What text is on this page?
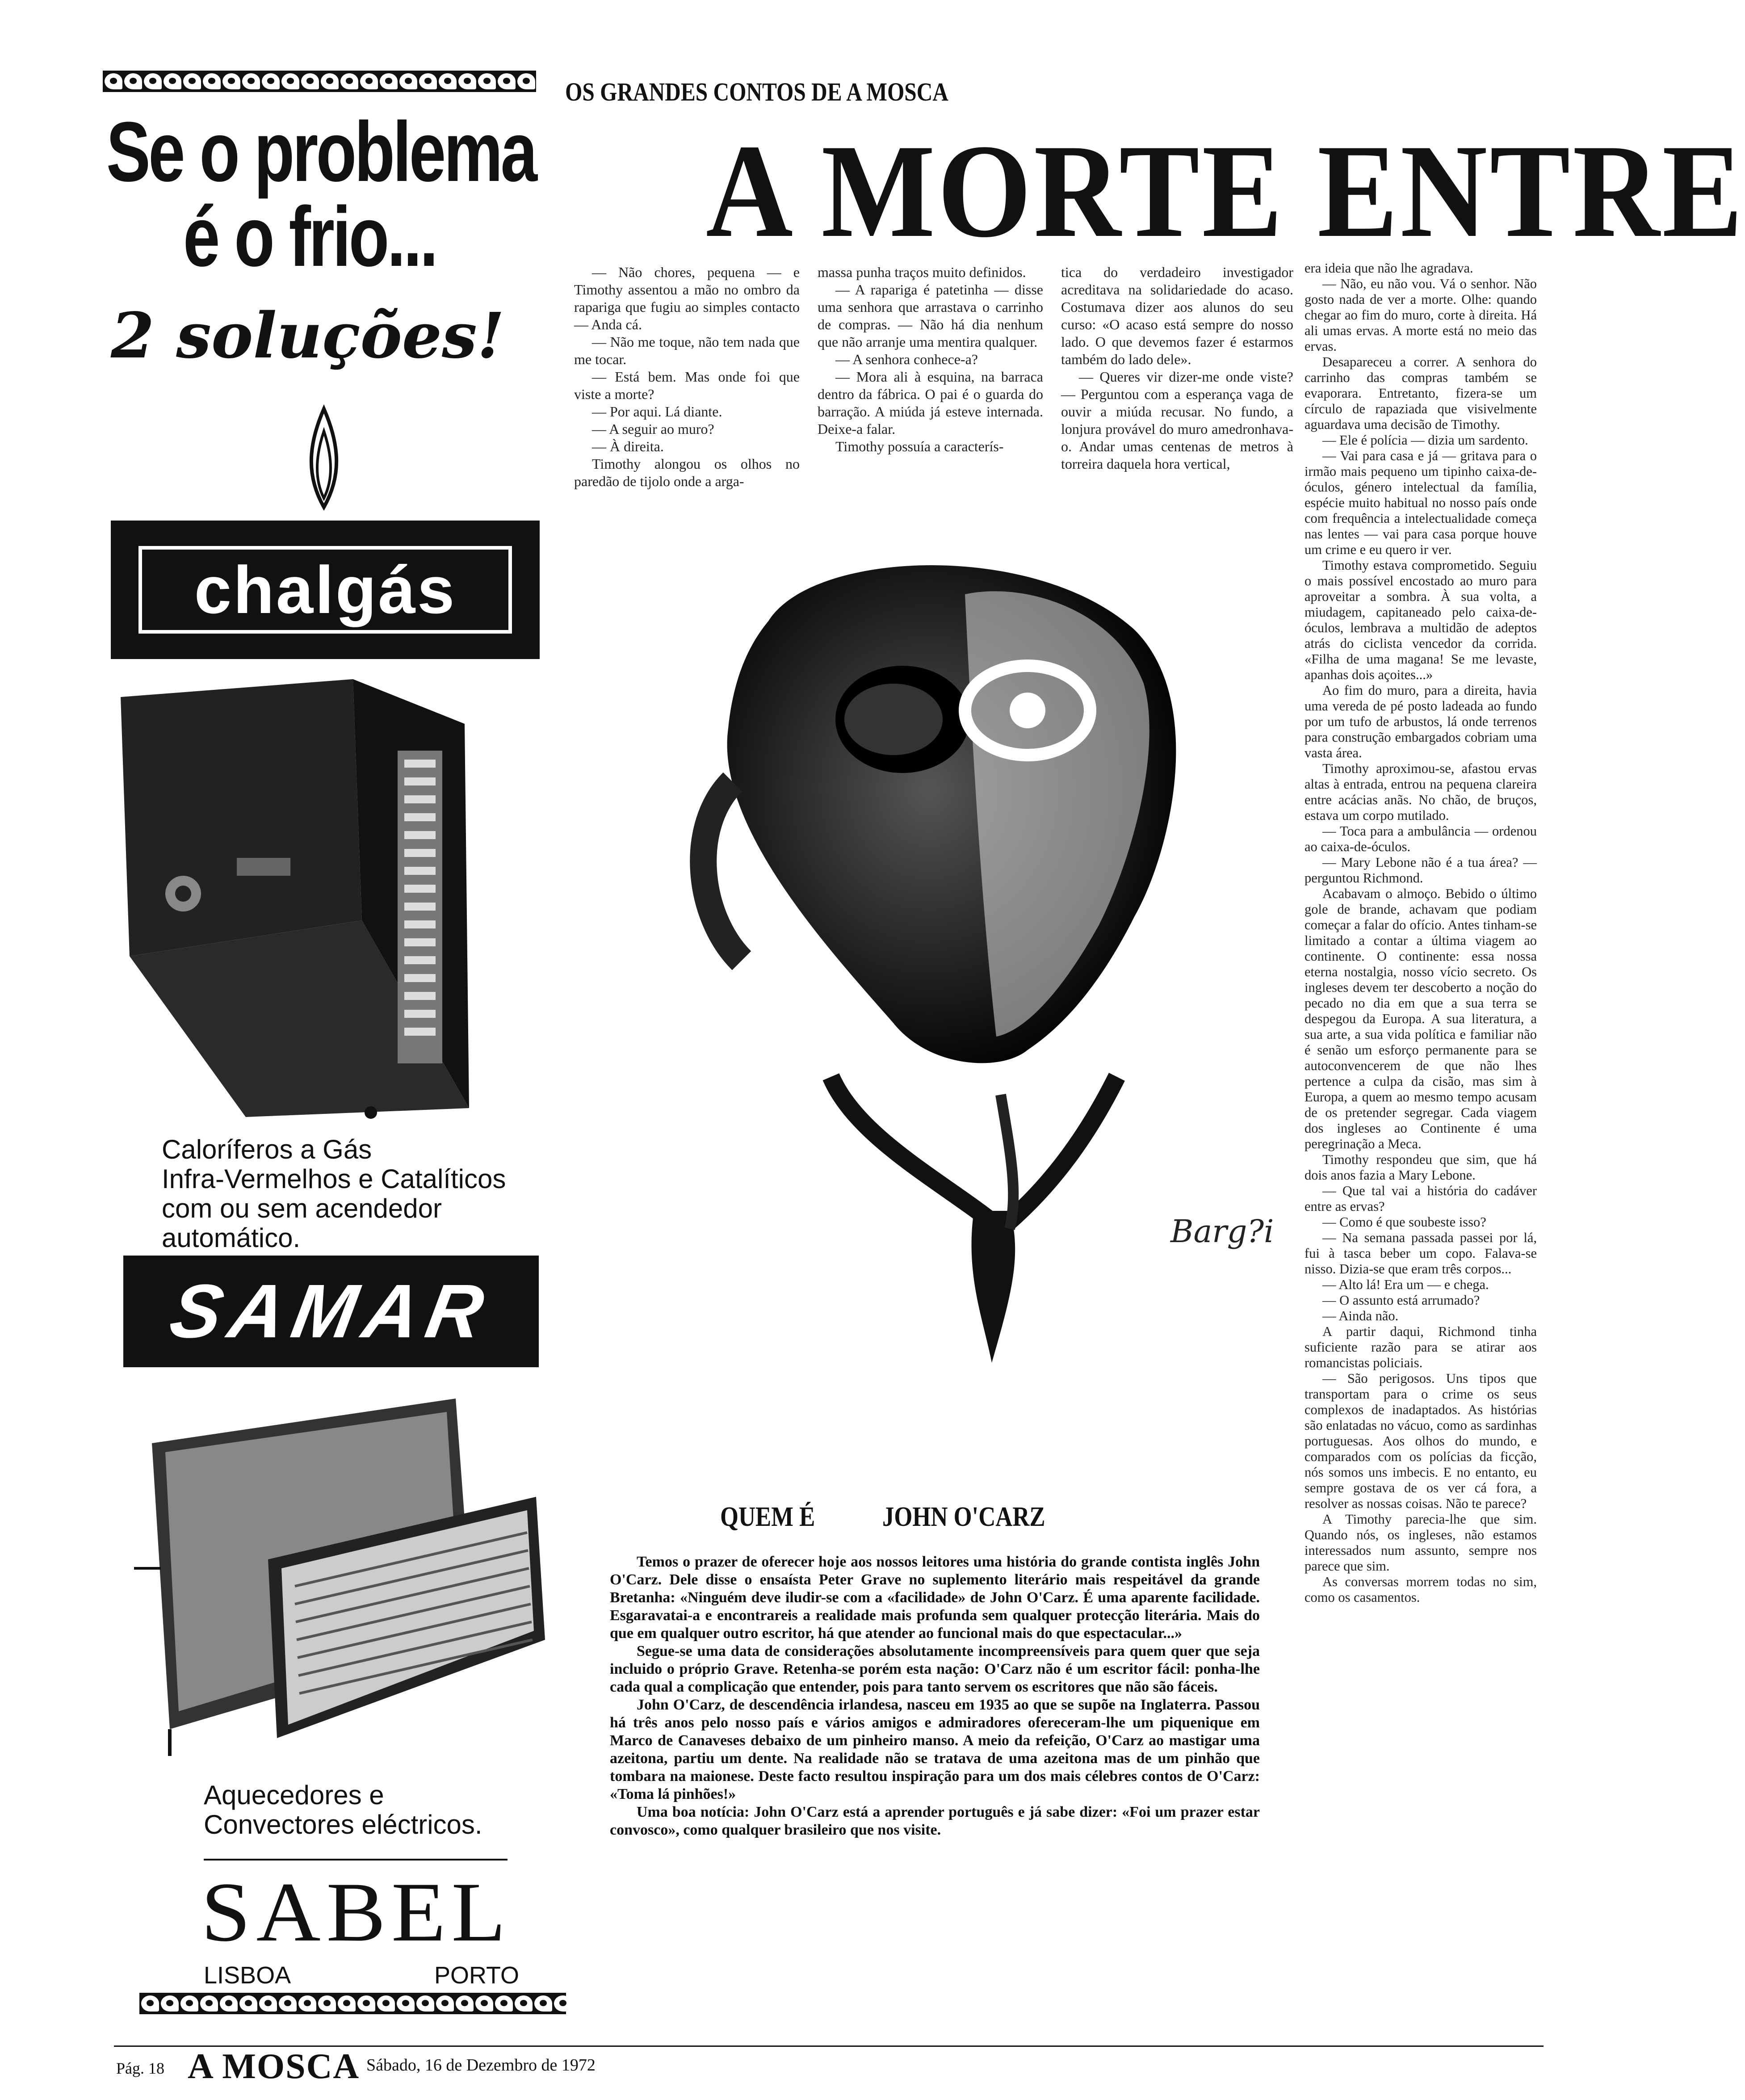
Se o problema
é o frio...
2 soluções!
chalgás
Caloríferos a Gás
Infra-Vermelhos e Catalíticos
com ou sem acendedor
automático.
SAMAR
Aquecedores e
Convectores eléctricos.
SABEL
LISBOA	PORTO
OS GRANDES CONTOS DE A MOSCA
A MORTE ENTRE

— Não chores, pequena — e Timothy assentou a mão no ombro da rapariga que fugiu ao simples contacto — Anda cá.

— Não me toque, não tem nada que me tocar.

— Está bem. Mas onde foi que viste a morte?

— Por aqui. Lá diante.

— A seguir ao muro?

— À direita.

Timothy alongou os olhos no paredão de tijolo onde a arga-

massa punha traços muito definidos.

— A rapariga é patetinha — disse uma senhora que arrastava o carrinho de compras. — Não há dia nenhum que não arranje uma mentira qualquer.

— A senhora conhece-a?

— Mora ali à esquina, na barraca dentro da fábrica. O pai é o guarda do barração. A miúda já esteve internada. Deixe-a falar.

Timothy possuía a caracterís-

tica do verdadeiro investigador acreditava na solidariedade do acaso. Costumava dizer aos alunos do seu curso: «O acaso está sempre do nosso lado. O que devemos fazer é estarmos também do lado dele».

— Queres vir dizer-me onde viste? — Perguntou com a esperança vaga de ouvir a miúda recusar. No fundo, a lonjura provável do muro amedronhava-o. Andar umas centenas de metros à torreira daquela hora vertical,

era ideia que não lhe agradava.

— Não, eu não vou. Vá o senhor. Não gosto nada de ver a morte. Olhe: quando chegar ao fim do muro, corte à direita. Há ali umas ervas. A morte está no meio das ervas.

Desapareceu a correr. A senhora do carrinho das compras também se evaporara. Entretanto, fizera-se um círculo de rapaziada que visivelmente aguardava uma decisão de Timothy.

— Ele é polícia — dizia um sardento.

— Vai para casa e já — gritava para o irmão mais pequeno um tipinho caixa-de-óculos, género intelectual da família, espécie muito habitual no nosso país onde com frequência a intelectualidade começa nas lentes — vai para casa porque houve um crime e eu quero ir ver.

Timothy estava comprometido. Seguiu o mais possível encostado ao muro para aproveitar a sombra. À sua volta, a miudagem, capitaneado pelo caixa-de-óculos, lembrava a multidão de adeptos atrás do ciclista vencedor da corrida. «Filha de uma magana! Se me levaste, apanhas dois açoites...»

Ao fim do muro, para a direita, havia uma vereda de pé posto ladeada ao fundo por um tufo de arbustos, lá onde terrenos para construção embargados cobriam uma vasta área.

Timothy aproximou-se, afastou ervas altas à entrada, entrou na pequena clareira entre acácias anãs. No chão, de bruços, estava um corpo mutilado.

— Toca para a ambulância — ordenou ao caixa-de-óculos.

— Mary Lebone não é a tua área? — perguntou Richmond.

Acabavam o almoço. Bebido o último gole de brande, achavam que podiam começar a falar do ofício. Antes tinham-se limitado a contar a última viagem ao continente. O continente: essa nossa eterna nostalgia, nosso vício secreto. Os ingleses devem ter descoberto a noção do pecado no dia em que a sua terra se despegou da Europa. A sua literatura, a sua arte, a sua vida política e familiar não é senão um esforço permanente para se autoconvencerem de que não lhes pertence a culpa da cisão, mas sim à Europa, a quem ao mesmo tempo acusam de os pretender segregar. Cada viagem dos ingleses ao Continente é uma peregrinação a Meca.

Timothy respondeu que sim, que há dois anos fazia a Mary Lebone.

— Que tal vai a história do cadáver entre as ervas?

— Como é que soubeste isso?

— Na semana passada passei por lá, fui à tasca beber um copo. Falava-se nisso. Dizia-se que eram três corpos...

— Alto lá! Era um — e chega.

— O assunto está arrumado?

— Ainda não.

A partir daqui, Richmond tinha suficiente razão para se atirar aos romancistas policiais.

— São perigosos. Uns tipos que transportam para o crime os seus complexos de inadaptados. As histórias são enlatadas no vácuo, como as sardinhas portuguesas. Aos olhos do mundo, e comparados com os polícias da ficção, nós somos uns imbecis. E no entanto, eu sempre gostava de os ver cá fora, a resolver as nossas coisas. Não te parece?

A Timothy parecia-lhe que sim. Quando nós, os ingleses, não estamos interessados num assunto, sempre nos parece que sim.

As conversas morrem todas no sim, como os casamentos.

Barg?i
QUEM É JOHN O'CARZ

Temos o prazer de oferecer hoje aos nossos leitores uma história do grande contista inglês John O'Carz. Dele disse o ensaísta Peter Grave no suplemento literário mais respeitável da grande Bretanha: «Ninguém deve iludir-se com a «facilidade» de John O'Carz. É uma aparente facilidade. Esgaravatai-a e encontrareis a realidade mais profunda sem qualquer protecção literária. Mais do que em qualquer outro escritor, há que atender ao funcional mais do que espectacular...»

Segue-se uma data de considerações absolutamente incompreensíveis para quem quer que seja incluido o próprio Grave. Retenha-se porém esta nação: O'Carz não é um escritor fácil: ponha-lhe cada qual a complicação que entender, pois para tanto servem os escritores que não são fáceis.

John O'Carz, de descendência irlandesa, nasceu em 1935 ao que se supõe na Inglaterra. Passou há três anos pelo nosso país e vários amigos e admiradores ofereceram-lhe um piquenique em Marco de Canaveses debaixo de um pinheiro manso. A meio da refeição, O'Carz ao mastigar uma azeitona, partiu um dente. Na realidade não se tratava de uma azeitona mas de um pinhão que tombara na maionese. Deste facto resultou inspiração para um dos mais célebres contos de O'Carz: «Toma lá pinhões!»

Uma boa notícia: John O'Carz está a aprender português e já sabe dizer: «Foi um prazer estar convosco», como qualquer brasileiro que nos visite.

Pág. 18 A MOSCA Sábado, 16 de Dezembro de 1972
